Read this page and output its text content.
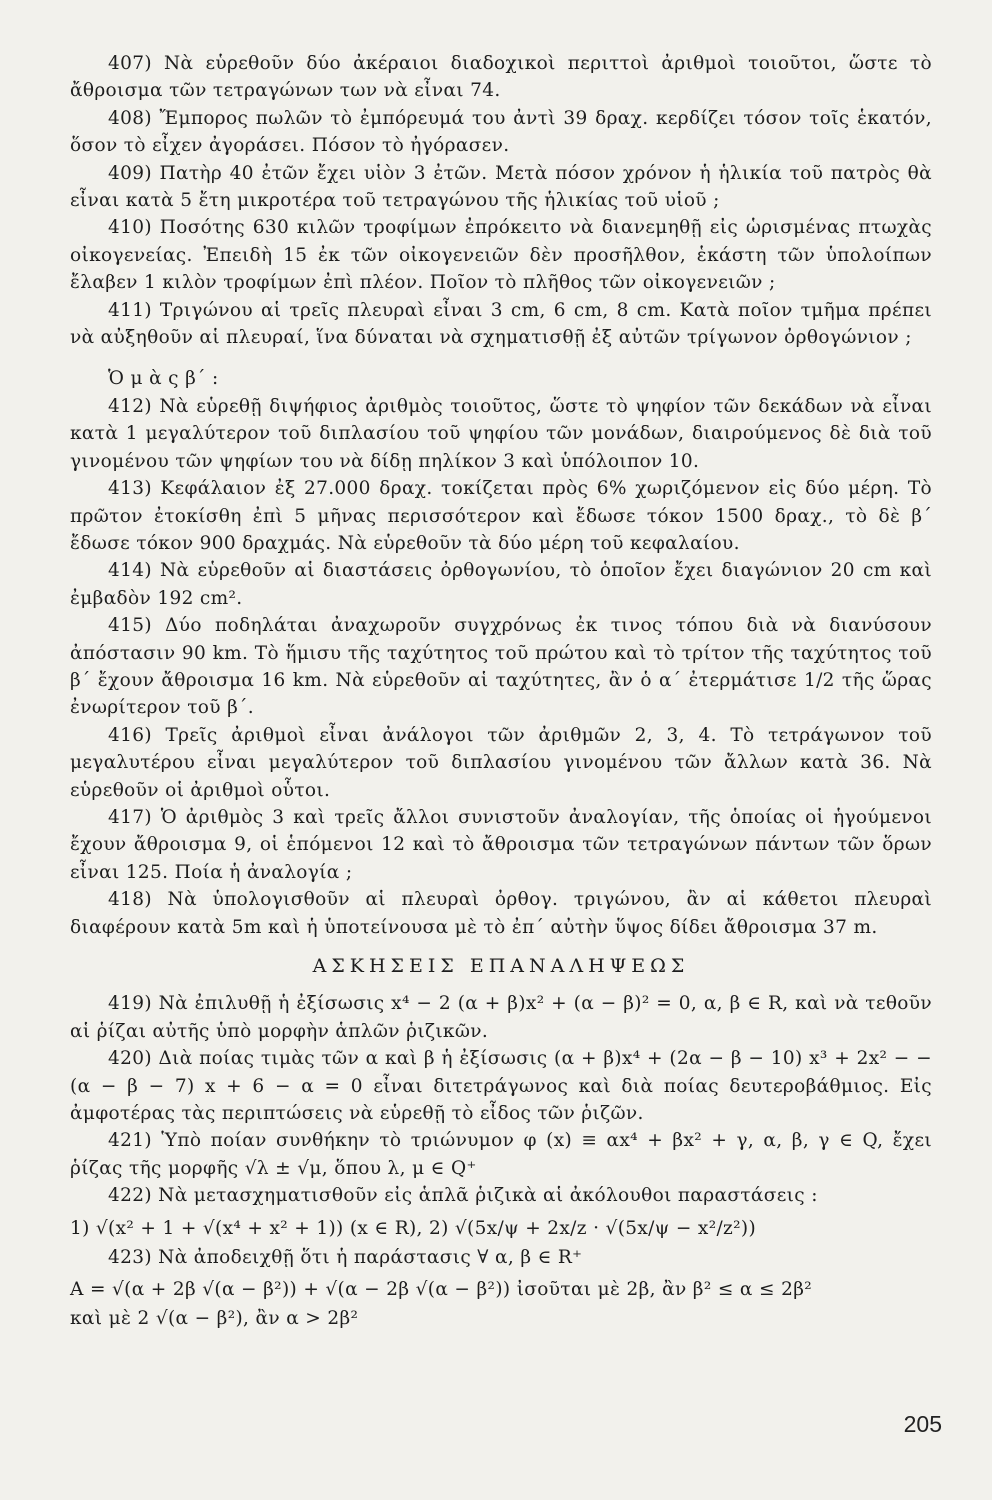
407) Νὰ εὑρεθοῦν δύο ἀκέραιοι διαδοχικοὶ περιττοὶ ἀριθμοὶ τοιοῦτοι, ὥστε τὸ ἄθροισμα τῶν τετραγώνων των νὰ εἶναι 74.

408) Ἔμπορος πωλῶν τὸ ἐμπόρευμά του ἀντὶ 39 δραχ. κερδίζει τόσον τοῖς ἑκατόν, ὅσον τὸ εἶχεν ἀγοράσει. Πόσον τὸ ἠγόρασεν.

409) Πατὴρ 40 ἐτῶν ἔχει υἱὸν 3 ἐτῶν. Μετὰ πόσον χρόνον ἡ ἡλικία τοῦ πατρὸς θὰ εἶναι κατὰ 5 ἔτη μικροτέρα τοῦ τετραγώνου τῆς ἡλικίας τοῦ υἱοῦ ;

410) Ποσότης 630 κιλῶν τροφίμων ἐπρόκειτο νὰ διανεμηθῇ εἰς ὡρισμένας πτωχὰς οἰκογενείας. Ἐπειδὴ 15 ἐκ τῶν οἰκογενειῶν δὲν προσῆλθον, ἑκάστη τῶν ὑπολοίπων ἔλαβεν 1 κιλὸν τροφίμων ἐπὶ πλέον. Ποῖον τὸ πλῆθος τῶν οἰκογενειῶν ;

411) Τριγώνου αἱ τρεῖς πλευραὶ εἶναι 3 cm, 6 cm, 8 cm. Κατὰ ποῖον τμῆμα πρέπει νὰ αὐξηθοῦν αἱ πλευραί, ἵνα δύναται νὰ σχηματισθῇ ἐξ αὐτῶν τρίγωνον ὀρθογώνιον ;

Ὁ μ ὰ ς β΄ :

412) Νὰ εὑρεθῇ διψήφιος ἀριθμὸς τοιοῦτος, ὥστε τὸ ψηφίον τῶν δεκάδων νὰ εἶναι κατὰ 1 μεγαλύτερον τοῦ διπλασίου τοῦ ψηφίου τῶν μονάδων, διαιρούμενος δὲ διὰ τοῦ γινομένου τῶν ψηφίων του νὰ δίδῃ πηλίκον 3 καὶ ὑπόλοιπον 10.

413) Κεφάλαιον ἐξ 27.000 δραχ. τοκίζεται πρὸς 6% χωριζόμενον εἰς δύο μέρη. Τὸ πρῶτον ἐτοκίσθη ἐπὶ 5 μῆνας περισσότερον καὶ ἔδωσε τόκον 1500 δραχ., τὸ δὲ β΄ ἔδωσε τόκον 900 δραχμάς. Νὰ εὑρεθοῦν τὰ δύο μέρη τοῦ κεφαλαίου.

414) Νὰ εὑρεθοῦν αἱ διαστάσεις ὀρθογωνίου, τὸ ὁποῖον ἔχει διαγώνιον 20 cm καὶ ἐμβαδὸν 192 cm².

415) Δύο ποδηλάται ἀναχωροῦν συγχρόνως ἐκ τινος τόπου διὰ νὰ διανύσουν ἀπόστασιν 90 km. Τὸ ἥμισυ τῆς ταχύτητος τοῦ πρώτου καὶ τὸ τρίτον τῆς ταχύτητος τοῦ β΄ ἔχουν ἄθροισμα 16 km. Νὰ εὑρεθοῦν αἱ ταχύτητες, ἂν ὁ α΄ ἐτερμάτισε 1/2 τῆς ὥρας ἐνωρίτερον τοῦ β΄.

416) Τρεῖς ἀριθμοὶ εἶναι ἀνάλογοι τῶν ἀριθμῶν 2, 3, 4. Τὸ τετράγωνον τοῦ μεγαλυτέρου εἶναι μεγαλύτερον τοῦ διπλασίου γινομένου τῶν ἄλλων κατὰ 36. Νὰ εὑρεθοῦν οἱ ἀριθμοὶ οὗτοι.

417) Ὁ ἀριθμὸς 3 καὶ τρεῖς ἄλλοι συνιστοῦν ἀναλογίαν, τῆς ὁποίας οἱ ἡγούμενοι ἔχουν ἄθροισμα 9, οἱ ἑπόμενοι 12 καὶ τὸ ἄθροισμα τῶν τετραγώνων πάντων τῶν ὅρων εἶναι 125. Ποία ἡ ἀναλογία ;

418) Νὰ ὑπολογισθοῦν αἱ πλευραὶ ὀρθογ. τριγώνου, ἂν αἱ κάθετοι πλευραὶ διαφέρουν κατὰ 5m καὶ ἡ ὑποτείνουσα μὲ τὸ ἐπ΄ αὐτὴν ὕψος δίδει ἄθροισμα 37 m.

ΑΣΚΗΣΕΙΣ ΕΠΑΝΑΛΗΨΕΩΣ

419) Νὰ ἐπιλυθῇ ἡ ἐξίσωσις x⁴ − 2 (α + β)x² + (α − β)² = 0, α, β ∈ R, καὶ νὰ τεθοῦν αἱ ῥίζαι αὐτῆς ὑπὸ μορφὴν ἁπλῶν ῥιζικῶν.

420) Διὰ ποίας τιμὰς τῶν α καὶ β ἡ ἐξίσωσις (α + β)x⁴ + (2α − β − 10) x³ + 2x² − −(α − β − 7) x + 6 − α = 0 εἶναι διτετράγωνος καὶ διὰ ποίας δευτεροβάθμιος. Εἰς ἀμφοτέρας τὰς περιπτώσεις νὰ εὑρεθῇ τὸ εἶδος τῶν ῥιζῶν.

421) Ὑπὸ ποίαν συνθήκην τὸ τριώνυμον φ (x) ≡ αx⁴ + βx² + γ, α, β, γ ∈ Q, ἔχει ῥίζας τῆς μορφῆς √λ ± √μ, ὅπου λ, μ ∈ Q⁺

422) Νὰ μετασχηματισθοῦν εἰς ἁπλᾶ ῥιζικὰ αἱ ἀκόλουθοι παραστάσεις :

1) √(x² + 1 + √(x⁴ + x² + 1)) (x ∈ R), 2) √(5x/ψ + 2x/z · √(5x/ψ − x²/z²))

423) Νὰ ἀποδειχθῇ ὅτι ἡ παράστασις ∀ α, β ∈ R⁺

A = √(α + 2β √(α − β²)) + √(α − 2β √(α − β²)) ἰσοῦται μὲ 2β, ἂν β² ≤ α ≤ 2β²

καὶ μὲ 2 √(α − β²), ἂν α > 2β²

205
